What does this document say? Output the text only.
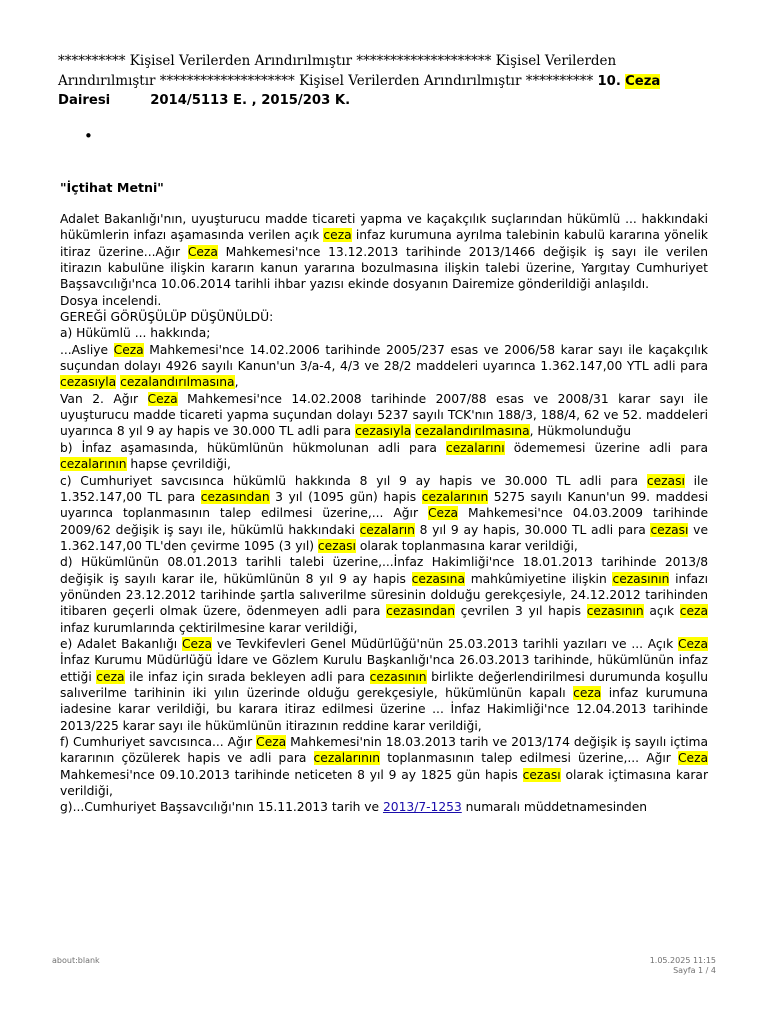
********** Kişisel Verilerden Arındırılmıştır ******************** Kişisel Verilerden
Arındırılmıştır ******************** Kişisel Verilerden Arındırılmıştır ********** 10. Ceza
Dairesi	2014/5113 E. , 2015/203 K.
•
"İçtihat Metni"

Adalet Bakanlığı'nın, uyuşturucu madde ticareti yapma ve kaçakçılık suçlarından hükümlü ... hakkındaki hükümlerin infazı aşamasında verilen açık ceza infaz kurumuna ayrılma talebinin kabulü kararına yönelik itiraz üzerine...Ağır Ceza Mahkemesi'nce 13.12.2013 tarihinde 2013/1466 değişik iş sayı ile verilen itirazın kabulüne ilişkin kararın kanun yararına bozulmasına ilişkin talebi üzerine, Yargıtay Cumhuriyet Başsavcılığı'nca 10.06.2014 tarihli ihbar yazısı ekinde dosyanın Dairemize gönderildiği anlaşıldı.

Dosya incelendi.

GEREĞİ GÖRÜŞÜLÜP DÜŞÜNÜLDÜ:

a) Hükümlü ... hakkında;

...Asliye Ceza Mahkemesi'nce 14.02.2006 tarihinde 2005/237 esas ve 2006/58 karar sayı ile kaçakçılık suçundan dolayı 4926 sayılı Kanun'un 3/a-4, 4/3 ve 28/2 maddeleri uyarınca 1.362.147,00 YTL adli para cezasıyla cezalandırılmasına,

Van 2. Ağır Ceza Mahkemesi'nce 14.02.2008 tarihinde 2007/88 esas ve 2008/31 karar sayı ile uyuşturucu madde ticareti yapma suçundan dolayı 5237 sayılı TCK'nın 188/3, 188/4, 62 ve 52. maddeleri uyarınca 8 yıl 9 ay hapis ve 30.000 TL adli para cezasıyla cezalandırılmasına, Hükmolunduğu

b) İnfaz aşamasında, hükümlünün hükmolunan adli para cezalarını ödememesi üzerine adli para cezalarının hapse çevrildiği,

c) Cumhuriyet savcısınca hükümlü hakkında 8 yıl 9 ay hapis ve 30.000 TL adli para cezası ile 1.352.147,00 TL para cezasından 3 yıl (1095 gün) hapis cezalarının 5275 sayılı Kanun'un 99. maddesi uyarınca toplanmasının talep edilmesi üzerine,... Ağır Ceza Mahkemesi'nce 04.03.2009 tarihinde 2009/62 değişik iş sayı ile, hükümlü hakkındaki cezaların 8 yıl 9 ay hapis, 30.000 TL adli para cezası ve 1.362.147,00 TL'den çevirme 1095 (3 yıl) cezası olarak toplanmasına karar verildiği,

d) Hükümlünün 08.01.2013 tarihli talebi üzerine,...İnfaz Hakimliği'nce 18.01.2013 tarihinde 2013/8 değişik iş sayılı karar ile, hükümlünün 8 yıl 9 ay hapis cezasına mahkûmiyetine ilişkin cezasının infazı yönünden 23.12.2012 tarihinde şartla salıverilme süresinin dolduğu gerekçesiyle, 24.12.2012 tarihinden itibaren geçerli olmak üzere, ödenmeyen adli para cezasından çevrilen 3 yıl hapis cezasının açık ceza infaz kurumlarında çektirilmesine karar verildiği,

e) Adalet Bakanlığı Ceza ve Tevkifevleri Genel Müdürlüğü'nün 25.03.2013 tarihli yazıları ve ... Açık Ceza İnfaz Kurumu Müdürlüğü İdare ve Gözlem Kurulu Başkanlığı'nca 26.03.2013 tarihinde, hükümlünün infaz ettiği ceza ile infaz için sırada bekleyen adli para cezasının birlikte değerlendirilmesi durumunda koşullu salıverilme tarihinin iki yılın üzerinde olduğu gerekçesiyle, hükümlünün kapalı ceza infaz kurumuna iadesine karar verildiği, bu karara itiraz edilmesi üzerine ... İnfaz Hakimliği'nce 12.04.2013 tarihinde 2013/225 karar sayı ile hükümlünün itirazının reddine karar verildiği,

f) Cumhuriyet savcısınca... Ağır Ceza Mahkemesi'nin 18.03.2013 tarih ve 2013/174 değişik iş sayılı içtima kararının çözülerek hapis ve adli para cezalarının toplanmasının talep edilmesi üzerine,... Ağır Ceza Mahkemesi'nce 09.10.2013 tarihinde neticeten 8 yıl 9 ay 1825 gün hapis cezası olarak içtimasına karar verildiği,

g)...Cumhuriyet Başsavcılığı'nın 15.11.2013 tarih ve 2013/7-1253 numaralı müddetnamesinden

about:blank	1.05.2025 11:15
Sayfa 1 / 4
